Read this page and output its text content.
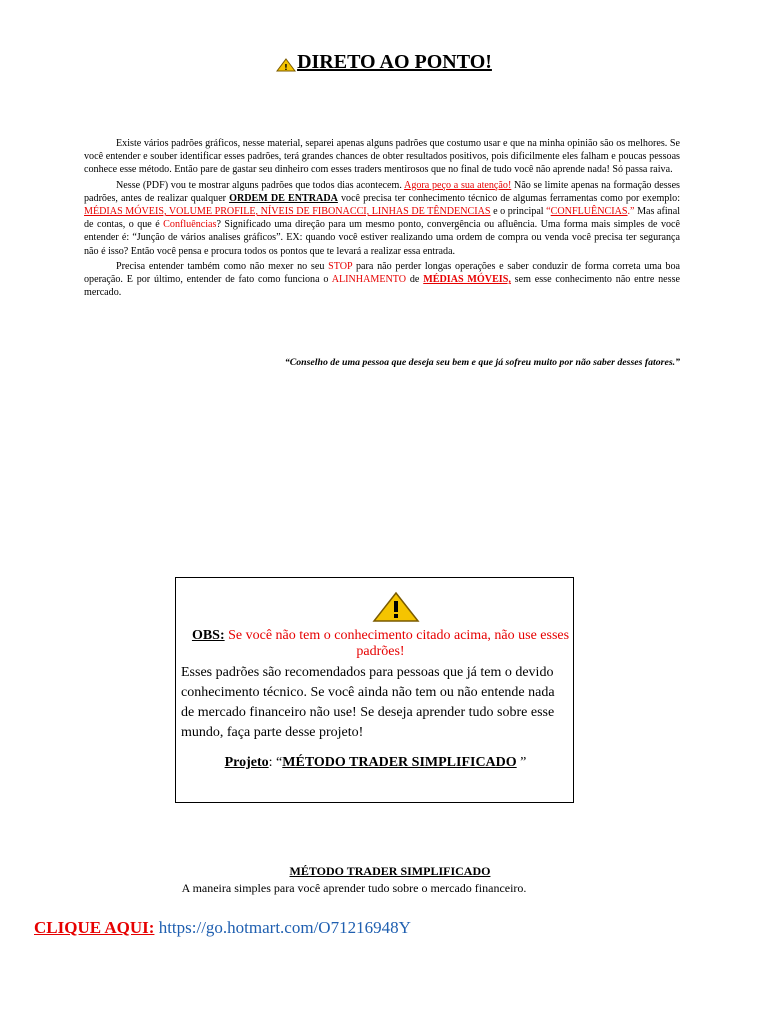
! DIRETO AO PONTO!

Existe vários padrões gráficos, nesse material, separei apenas alguns padrões que costumo usar e que na minha opinião são os melhores. Se você entender e souber identificar esses padrões, terá grandes chances de obter resultados positivos, pois dificilmente eles falham e poucas pessoas conhece esse método. Então pare de gastar seu dinheiro com esses traders mentirosos que no final de tudo você não aprende nada! Só passa raiva.

Nesse (PDF) vou te mostrar alguns padrões que todos dias acontecem. Agora peço a sua atenção! Não se limite apenas na formação desses padrões, antes de realizar qualquer ORDEM DE ENTRADA você precisa ter conhecimento técnico de algumas ferramentas como por exemplo: MÉDIAS MÓVEIS, VOLUME PROFILE, NÍVEIS DE FIBONACCI, LINHAS DE TÊNDENCIAS e o principal “CONFLUÊNCIAS.” Mas afinal de contas, o que é Confluências? Significado uma direção para um mesmo ponto, convergência ou afluência. Uma forma mais simples de você entender é: “Junção de vários analises gráficos”. EX: quando você estiver realizando uma ordem de compra ou venda você precisa ter segurança não é isso? Então você pensa e procura todos os pontos que te levará a realizar essa entrada.

Precisa entender também como não mexer no seu STOP para não perder longas operações e saber conduzir de forma correta uma boa operação. E por último, entender de fato como funciona o ALINHAMENTO de MÉDIAS MÓVEIS, sem esse conhecimento não entre nesse mercado.

“Conselho de uma pessoa que deseja seu bem e que já sofreu muito por não saber desses fatores.”
OBS: Se você não tem o conhecimento citado acima, não use esses padrões!

Esses padrões são recomendados para pessoas que já tem o devido conhecimento técnico. Se você ainda não tem ou não entende nada de mercado financeiro não use! Se deseja aprender tudo sobre esse mundo, faça parte desse projeto!

Projeto: “MÉTODO TRADER SIMPLIFICADO ”
MÉTODO TRADER SIMPLIFICADO
A maneira simples para você aprender tudo sobre o mercado financeiro.
CLIQUE AQUI: https://go.hotmart.com/O71216948Y
